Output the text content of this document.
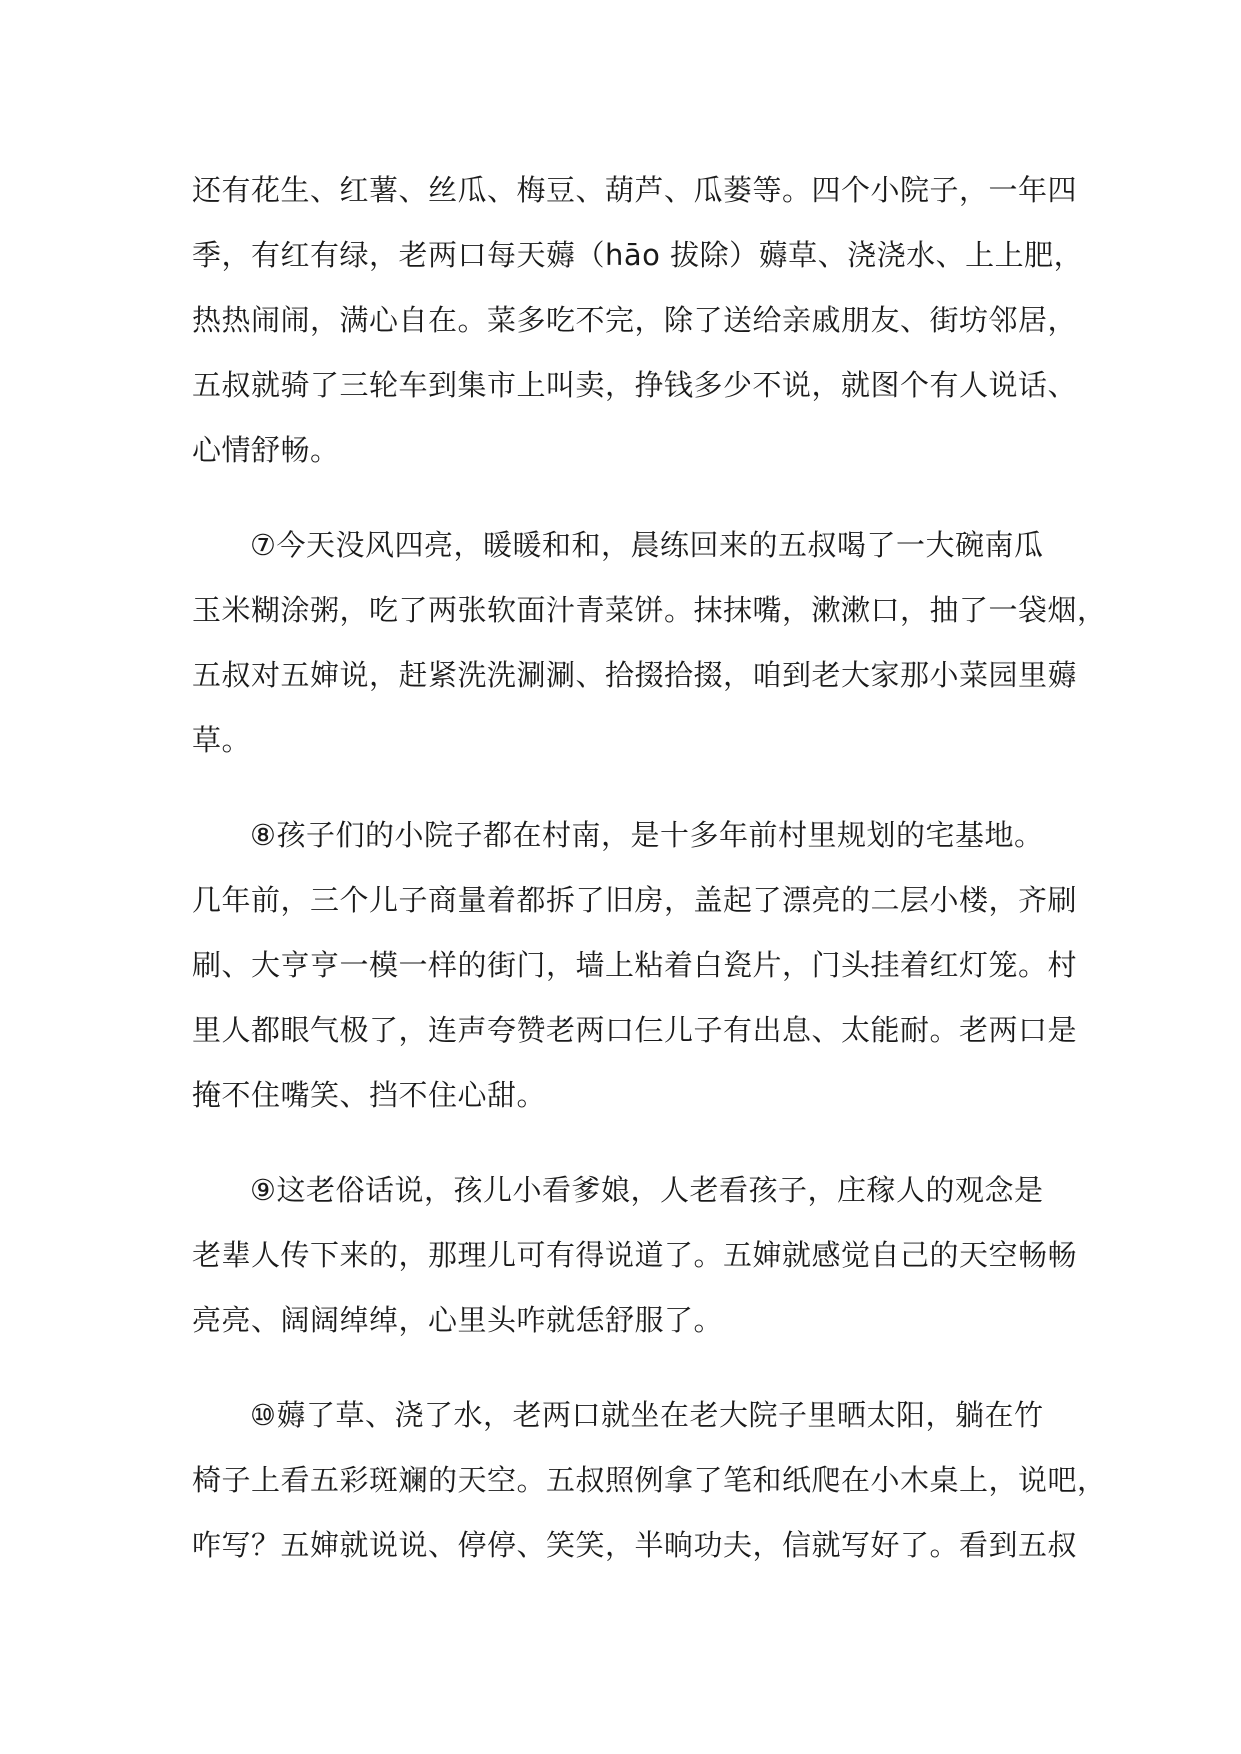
还有花生、红薯、丝瓜、梅豆、葫芦、瓜蒌等。四个小院子，一年四
季，有红有绿，老两口每天薅（hāo 拔除）薅草、浇浇水、上上肥，
热热闹闹，满心自在。菜多吃不完，除了送给亲戚朋友、街坊邻居，
五叔就骑了三轮车到集市上叫卖，挣钱多少不说，就图个有人说话、
心情舒畅。
⑦今天没风四亮，暖暖和和，晨练回来的五叔喝了一大碗南瓜
玉米糊涂粥，吃了两张软面汁青菜饼。抹抹嘴，漱漱口，抽了一袋烟，
五叔对五婶说，赶紧洗洗涮涮、拾掇拾掇，咱到老大家那小菜园里薅
草。
⑧孩子们的小院子都在村南，是十多年前村里规划的宅基地。
几年前，三个儿子商量着都拆了旧房，盖起了漂亮的二层小楼，齐刷
刷、大亨亨一模一样的街门，墙上粘着白瓷片，门头挂着红灯笼。村
里人都眼气极了，连声夸赞老两口仨儿子有出息、太能耐。老两口是
掩不住嘴笑、挡不住心甜。
⑨这老俗话说，孩儿小看爹娘，人老看孩子，庄稼人的观念是
老辈人传下来的，那理儿可有得说道了。五婶就感觉自己的天空畅畅
亮亮、阔阔绰绰，心里头咋就恁舒服了。
⑩薅了草、浇了水，老两口就坐在老大院子里晒太阳，躺在竹
椅子上看五彩斑斓的天空。五叔照例拿了笔和纸爬在小木桌上，说吧，
咋写？五婶就说说、停停、笑笑，半晌功夫，信就写好了。看到五叔
